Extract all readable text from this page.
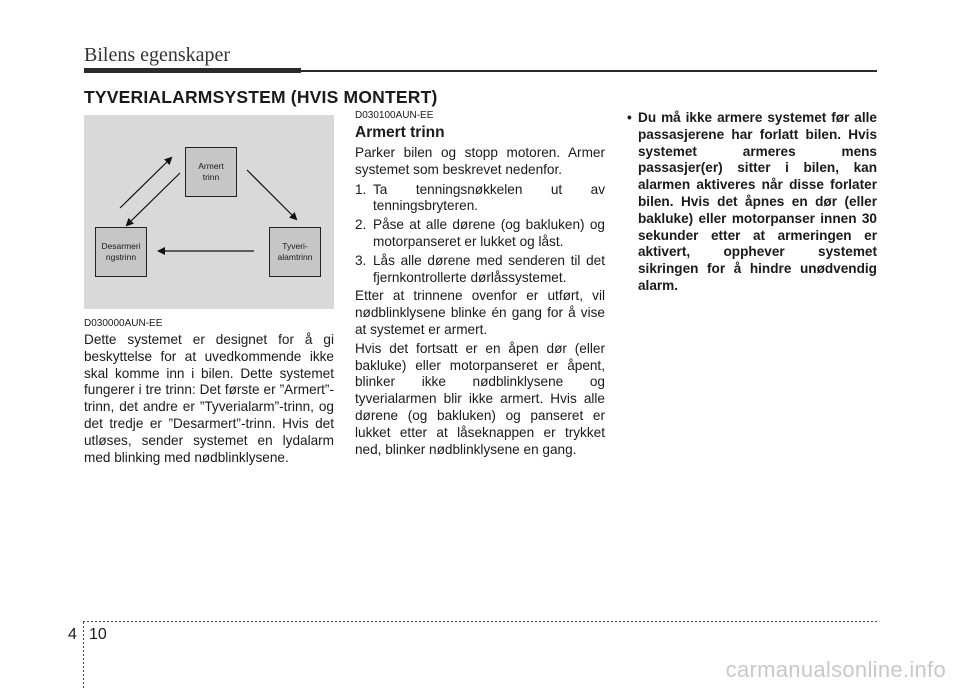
Bilens egenskaper
TYVERIALARMSYSTEM (HVIS MONTERT)
Armert
trinn
Tyveri-
alamtrinn
Desarmeri
ngstrinn
D030000AUN-EE

Dette systemet er designet for å gi beskyttelse for at uvedkommende ikke skal komme inn i bilen. Dette systemet fungerer i tre trinn: Det første er ”Armert”-trinn, det andre er ”Tyverialarm”-trinn, og det tredje er ”Desarmert”-trinn. Hvis det utløses, sender systemet en lydalarm med blinking med nødblinklysene.

D030100AUN-EE
Armert trinn

Parker bilen og stopp motoren. Armer systemet som beskrevet nedenfor.

1. Ta tenningsnøkkelen ut av tenningsbryteren.
2. Påse at alle dørene (og bakluken) og motorpanseret er lukket og låst.
3. Lås alle dørene med senderen til det fjernkontrollerte dørlåssystemet.

Etter at trinnene ovenfor er utført, vil nødblinklysene blinke én gang for å vise at systemet er armert.

Hvis det fortsatt er en åpen dør (eller bakluke) eller motorpanseret er åpent, blinker ikke nødblinklysene og tyverialarmen blir ikke armert. Hvis alle dørene (og bakluken) og panseret er lukket etter at låseknappen er trykket ned, blinker nødblinklysene en gang.

• Du må ikke armere systemet før alle passasjerene har forlatt bilen. Hvis systemet armeres mens passasjer(er) sitter i bilen, kan alarmen aktiveres når disse forlater bilen. Hvis det åpnes en dør (eller bakluke) eller motorpanser innen 30 sekunder etter at armeringen er aktivert, opphever systemet sikringen for å hindre unødvendig alarm.
4 10
carmanualsonline.info
